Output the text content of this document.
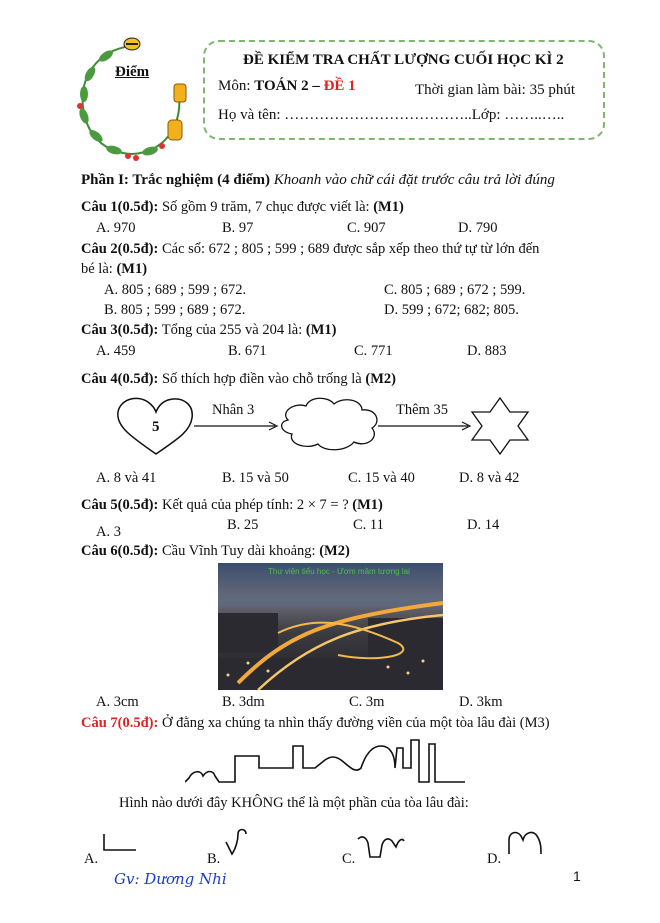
Điểm
ĐỀ KIỂM TRA CHẤT LƯỢNG CUỐI HỌC KÌ 2
Môn: TOÁN 2 – ĐỀ 1	Thời gian làm bài: 35 phút
Họ và tên: ………………………………..Lớp: ……..…..
Phần I: Trắc nghiệm (4 điểm) Khoanh vào chữ cái đặt trước câu trả lời đúng
Câu 1(0.5đ): Số gồm 9 trăm, 7 chục được viết là: (M1)
A. 970	B. 97	C. 907	D. 790
Câu 2(0.5đ): Các số: 672 ; 805 ; 599 ; 689 được sắp xếp theo thứ tự từ lớn đến
bé là: (M1)
A. 805 ; 689 ; 599 ; 672.	C. 805 ; 689 ; 672 ; 599.
B. 805 ; 599 ; 689 ; 672.	D. 599 ; 672; 682; 805.
Câu 3(0.5đ): Tổng của 255 và 204 là: (M1)
A. 459	B. 671	C. 771	D. 883
Câu 4(0.5đ): Số thích hợp điền vào chỗ trống là (M2)
5
Nhân 3	Thêm 35
A. 8 và 41	B. 15 và 50	C. 15 và 40	D. 8 và 42
Câu 5(0.5đ): Kết quả của phép tính: 2 × 7 = ? (M1)
A. 3	B. 25	C. 11	D. 14
Câu 6(0.5đ): Cầu Vĩnh Tuy dài khoảng: (M2)
Thư viện tiểu học - Ươm mầm tương lai
A. 3cm	B. 3dm	C. 3m	D. 3km
Câu 7(0.5đ): Ở đằng xa chúng ta nhìn thấy đường viền của một tòa lâu đài (M3)
Hình nào dưới đây KHÔNG thể là một phần của tòa lâu đài:
A.	B.	C.	D.
Gv: Dương Nhi	1
